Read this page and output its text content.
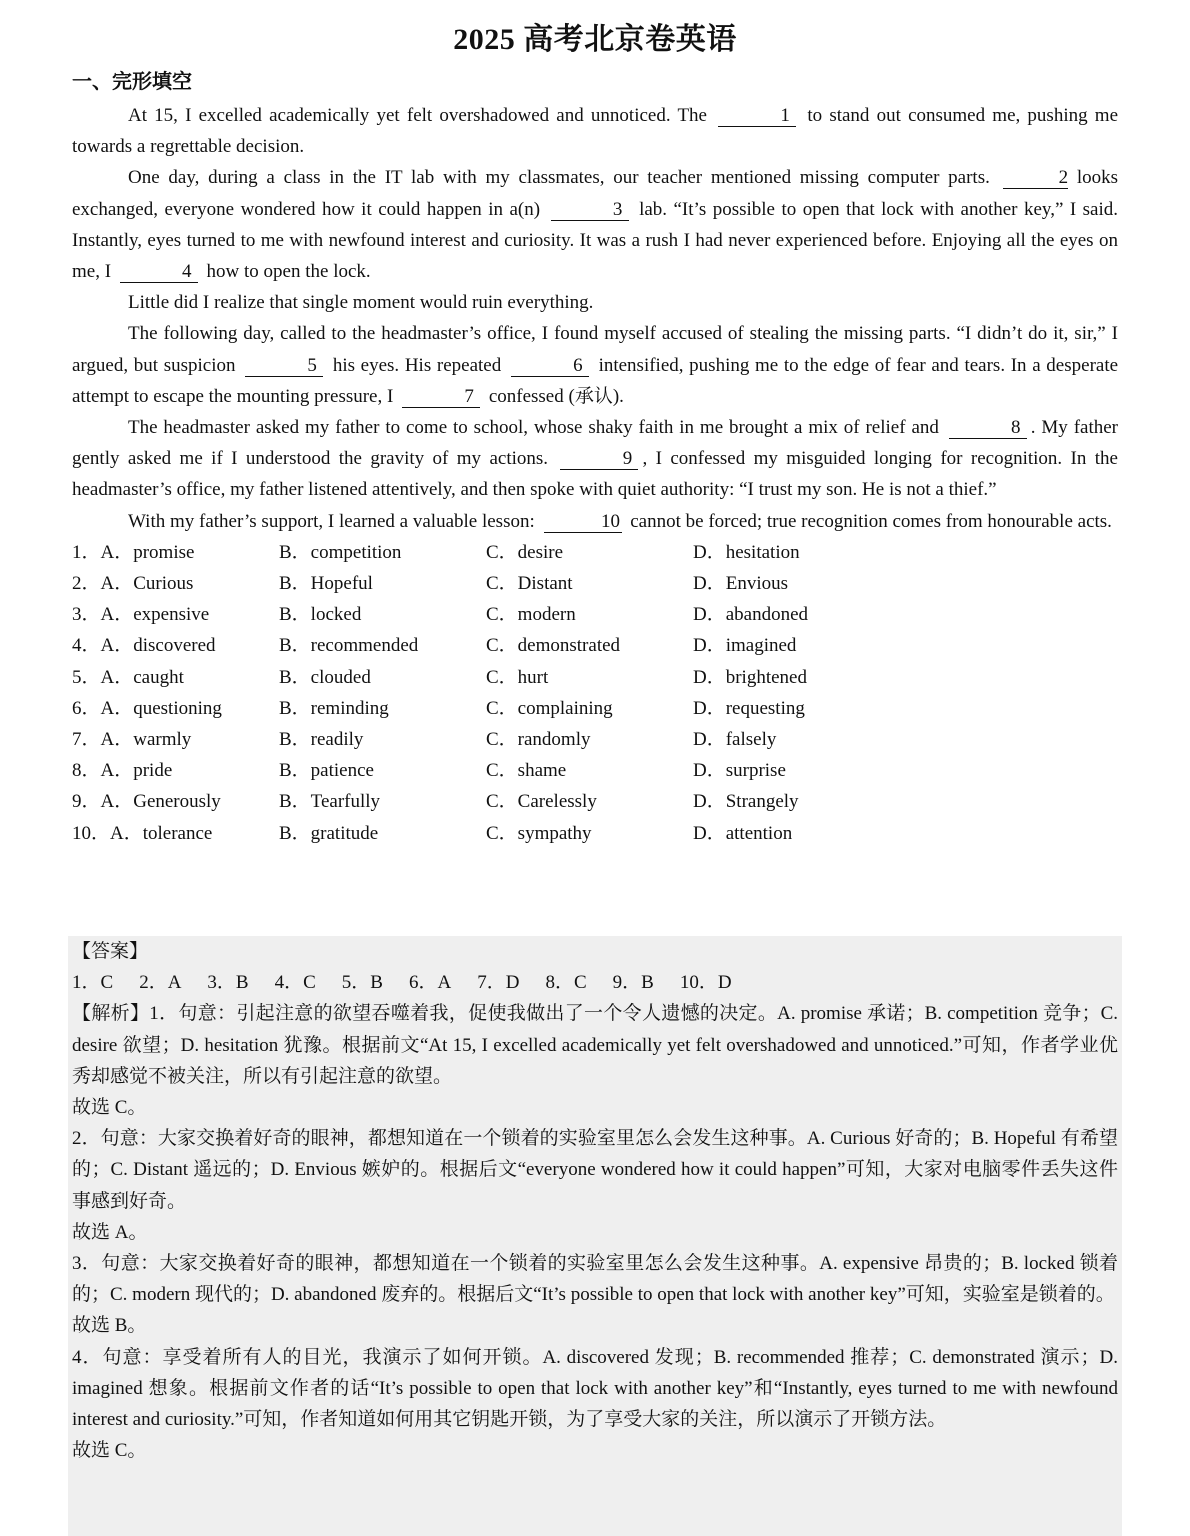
2025 高考北京卷英语
一、完形填空

At 15, I excelled academically yet felt overshadowed and unnoticed. The	1 to stand out consumed me, pushing me towards a regrettable decision.

One day, during a class in the IT lab with my classmates, our teacher mentioned missing computer parts.	2 looks exchanged, everyone wondered how it could happen in a(n)	3 lab. “It’s possible to open that lock with another key,” I said. Instantly, eyes turned to me with newfound interest and curiosity. It was a rush I had never experienced before. Enjoying all the eyes on me, I	4 how to open the lock.

Little did I realize that single moment would ruin everything.

The following day, called to the headmaster’s office, I found myself accused of stealing the missing parts. “I didn’t do it, sir,” I argued, but suspicion	5 his eyes. His repeated	6 intensified, pushing me to the edge of fear and tears. In a desperate attempt to escape the mounting pressure, I	7 confessed (承认).

The headmaster asked my father to come to school, whose shaky faith in me brought a mix of relief and	8 . My father gently asked me if I understood the gravity of my actions.	9 , I confessed my misguided longing for recognition. In the headmaster’s office, my father listened attentively, and then spoke with quiet authority: “I trust my son. He is not a thief.”

With my father’s support, I learned a valuable lesson:	10 cannot be forced; true recognition comes from honourable acts.

1．A．promise	B．competition	C．desire	D．hesitation
2．A．Curious	B．Hopeful	C．Distant	D．Envious
3．A．expensive	B．locked	C．modern	D．abandoned
4．A．discovered	B．recommended	C．demonstrated	D．imagined
5．A．caught	B．clouded	C．hurt	D．brightened
6．A．questioning	B．reminding	C．complaining	D．requesting
7．A．warmly	B．readily	C．randomly	D．falsely
8．A．pride	B．patience	C．shame	D．surprise
9．A．Generously	B．Tearfully	C．Carelessly	D．Strangely
10．A．tolerance	B．gratitude	C．sympathy	D．attention

【答案】

1．C 2．A 3．B 4．C 5．B 6．A 7．D 8．C 9．B 10．D

【解析】1．句意：引起注意的欲望吞噬着我，促使我做出了一个令人遗憾的决定。A. promise 承诺；B. competition 竞争；C. desire 欲望；D. hesitation 犹豫。根据前文“At 15, I excelled academically yet felt overshadowed and unnoticed.”可知，作者学业优秀却感觉不被关注，所以有引起注意的欲望。

故选 C。

2．句意：大家交换着好奇的眼神，都想知道在一个锁着的实验室里怎么会发生这种事。A. Curious 好奇的；B. Hopeful 有希望的；C. Distant 遥远的；D. Envious 嫉妒的。根据后文“everyone wondered how it could happen”可知，大家对电脑零件丢失这件事感到好奇。

故选 A。

3．句意：大家交换着好奇的眼神，都想知道在一个锁着的实验室里怎么会发生这种事。A. expensive 昂贵的；B. locked 锁着的；C. modern 现代的；D. abandoned 废弃的。根据后文“It’s possible to open that lock with another key”可知，实验室是锁着的。

故选 B。

4．句意：享受着所有人的目光，我演示了如何开锁。A. discovered 发现；B. recommended 推荐；C. demonstrated 演示；D. imagined 想象。根据前文作者的话“It’s possible to open that lock with another key”和“Instantly, eyes turned to me with newfound interest and curiosity.”可知，作者知道如何用其它钥匙开锁，为了享受大家的关注，所以演示了开锁方法。

故选 C。
